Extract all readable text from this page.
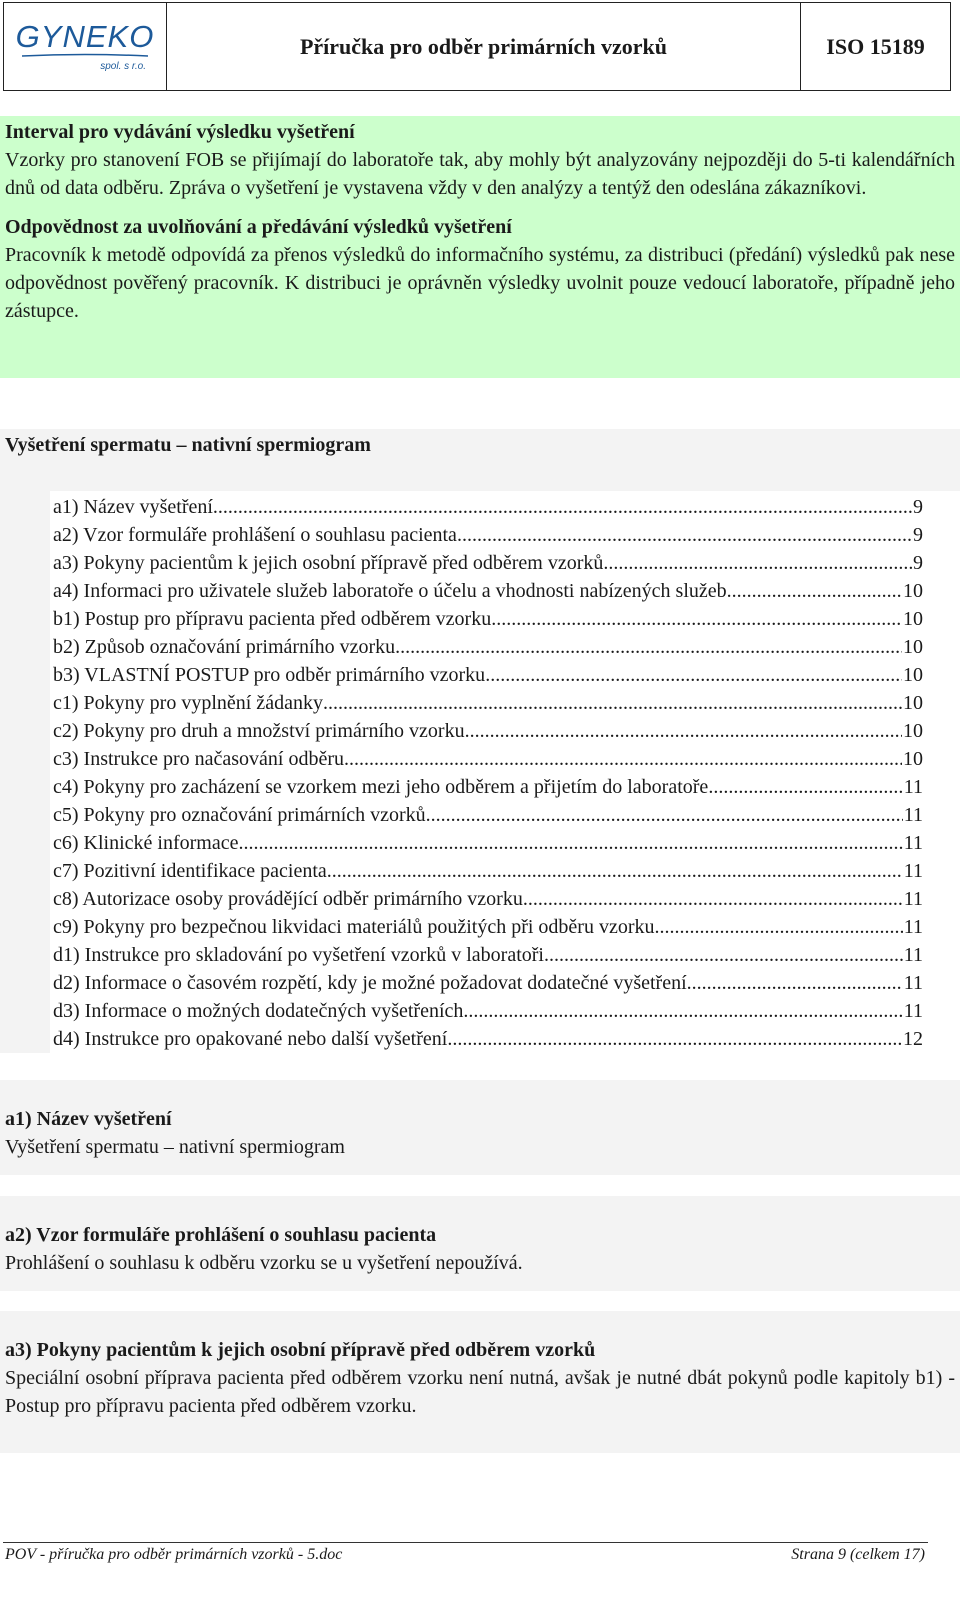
GYNEKO
spol. s r.o.
Příručka pro odběr primárních vzorků	ISO 15189
Interval pro vydávání výsledku vyšetření

Vzorky pro stanovení FOB se přijímají do laboratoře tak, aby mohly být analyzovány nejpozději do 5-ti kalendářních dnů od data odběru. Zpráva o vyšetření je vystavena vždy v den analýzy a tentýž den odeslána zákazníkovi.

Odpovědnost za uvolňování a předávání výsledků vyšetření

Pracovník k metodě odpovídá za přenos výsledků do informačního systému, za distribuci (předání) výsledků pak nese odpovědnost pověřený pracovník. K distribuci je oprávněn výsledky uvolnit pouze vedoucí laboratoře, případně jeho zástupce.

Vyšetření spermatu – nativní spermiogram
a1) Název vyšetření .....	9
a2) Vzor formuláře prohlášení o souhlasu pacienta .....	9
a3) Pokyny pacientům k jejich osobní přípravě před odběrem vzorků .....	9
a4) Informaci pro uživatele služeb laboratoře o účelu a vhodnosti nabízených služeb .....	10
b1) Postup pro přípravu pacienta před odběrem vzorku .....	10
b2) Způsob označování primárního vzorku .....	10
b3) VLASTNÍ POSTUP pro odběr primárního vzorku .....	10
c1) Pokyny pro vyplnění žádanky .....	10
c2) Pokyny pro druh a množství primárního vzorku .....	10
c3) Instrukce pro načasování odběru .....	10
c4) Pokyny pro zacházení se vzorkem mezi jeho odběrem a přijetím do laboratoře .....	11
c5) Pokyny pro označování primárních vzorků .....	11
c6) Klinické informace .....	11
c7) Pozitivní identifikace pacienta .....	11
c8) Autorizace osoby provádějící odběr primárního vzorku .....	11
c9) Pokyny pro bezpečnou likvidaci materiálů použitých při odběru vzorku .....	11
d1) Instrukce pro skladování po vyšetření vzorků v laboratoři .....	11
d2) Informace o časovém rozpětí, kdy je možné požadovat dodatečné vyšetření .....	11
d3) Informace o možných dodatečných vyšetřeních .....	11
d4) Instrukce pro opakované nebo další vyšetření .....	12
a1) Název vyšetření

Vyšetření spermatu – nativní spermiogram

a2) Vzor formuláře prohlášení o souhlasu pacienta

Prohlášení o souhlasu k odběru vzorku se u vyšetření nepoužívá.

a3) Pokyny pacientům k jejich osobní přípravě před odběrem vzorků

Speciální osobní příprava pacienta před odběrem vzorku není nutná, avšak je nutné dbát pokynů podle kapitoly b1) - Postup pro přípravu pacienta před odběrem vzorku.

POV - příručka pro odběr primárních vzorků - 5.doc	Strana 9 (celkem 17)
